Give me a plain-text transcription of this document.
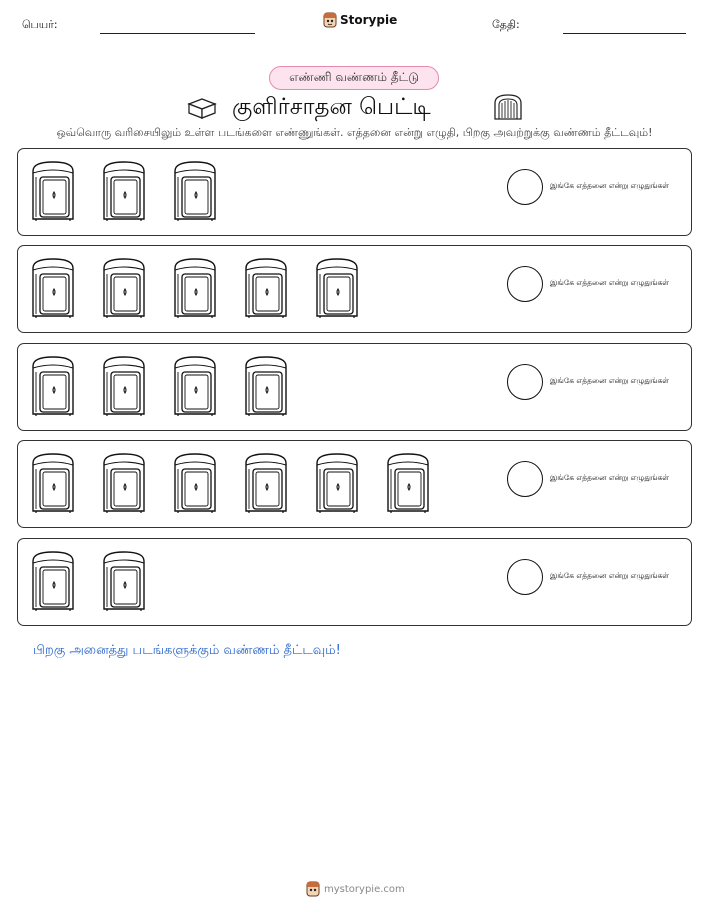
பெயர்:	Storypie	தேதி:
எண்ணி வண்ணம் தீட்டு
குளிர்சாதன பெட்டி
ஒவ்வொரு வரிசையிலும் உள்ள படங்களை எண்ணுங்கள். எத்தனை என்று எழுதி, பிறகு அவற்றுக்கு வண்ணம் தீட்டவும்!
இங்கே எத்தனை என்று எழுதுங்கள்
இங்கே எத்தனை என்று எழுதுங்கள்
இங்கே எத்தனை என்று எழுதுங்கள்
இங்கே எத்தனை என்று எழுதுங்கள்
இங்கே எத்தனை என்று எழுதுங்கள்
பிறகு அனைத்து படங்களுக்கும் வண்ணம் தீட்டவும்!
mystorypie.com
